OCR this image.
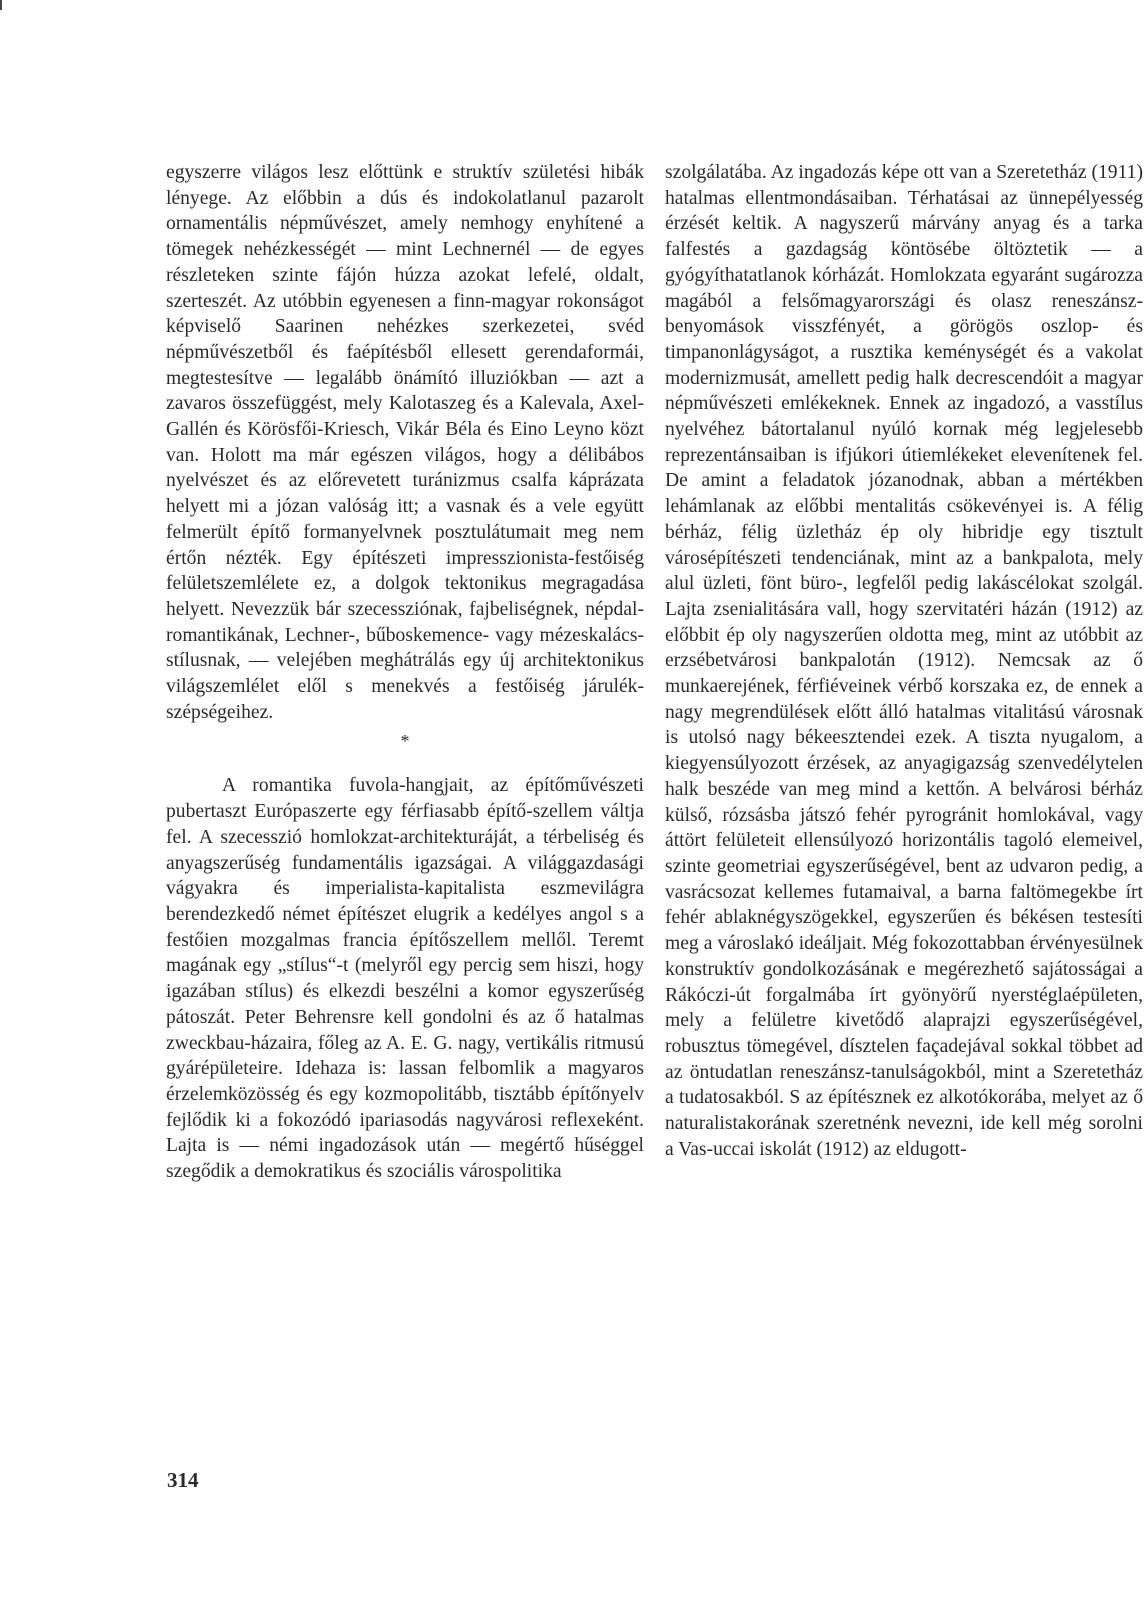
egyszerre világos lesz előttünk e struktív születési hibák lényege. Az előbbin a dús és indokolatlanul pazarolt ornamentális népművészet, amely nemhogy enyhítené a tömegek nehézkességét — mint Lechnernél — de egyes részleteken szinte fájón húzza azokat lefelé, oldalt, szerteszét. Az utóbbin egyenesen a finn-magyar rokonságot képviselő Saarinen nehézkes szerkezetei, svéd népművészetből és faépítésből ellesett gerendaformái, megtestesítve — legalább önámító illuziókban — azt a zavaros összefüggést, mely Kalotaszeg és a Kalevala, Axel-Gallén és Körösfői-Kriesch, Vikár Béla és Eino Leyno közt van. Holott ma már egészen világos, hogy a délibábos nyelvészet és az előrevetett turánizmus csalfa káprázata helyett mi a józan valóság itt; a vasnak és a vele együtt felmerült építő formanyelvnek posztulátumait meg nem értőn nézték. Egy építészeti impresszionista-festőiség felületszemlélete ez, a dolgok tektonikus megragadása helyett. Nevezzük bár szecessziónak, fajbeliségnek, népdal-romantikának, Lechner-, bűboskemence- vagy mézeskalács-stílusnak, — velejében meghátrálás egy új architektonikus világszemlélet elől s menekvés a festőiség járulék-szépségeihez.

*

A romantika fuvola-hangjait, az építőművészeti pubertaszt Európaszerte egy férfiasabb építő-szellem váltja fel. A szecesszió homlokzat-architekturáját, a térbeliség és anyagszerűség fundamentális igazságai. A világgazdasági vágyakra és imperialista-kapitalista eszmevilágra berendezkedő német építészet elugrik a kedélyes angol s a festőien mozgalmas francia építőszellem mellől. Teremt magának egy „stílus“-t (melyről egy percig sem hiszi, hogy igazában stílus) és elkezdi beszélni a komor egyszerűség pátoszát. Peter Behrensre kell gondolni és az ő hatalmas zweckbau-házaira, főleg az A. E. G. nagy, vertikális ritmusú gyárépületeire. Idehaza is: lassan felbomlik a magyaros érzelemközösség és egy kozmopolitább, tisztább építőnyelv fejlődik ki a fokozódó ipariasodás nagyvárosi reflexeként. Lajta is — némi ingadozások után — megértő hűséggel szegődik a demokratikus és szociális várospolitika

szolgálatába. Az ingadozás képe ott van a Szeretetház (1911) hatalmas ellentmondásaiban. Térhatásai az ünnepélyesség érzését keltik. A nagyszerű márvány anyag és a tarka falfestés a gazdagság köntösébe öltöztetik — a gyógyíthatatlanok kórházát. Homlokzata egyaránt sugározza magából a felsőmagyarországi és olasz reneszánsz-benyomások visszfényét, a görögös oszlop- és timpanonlágyságot, a rusztika keménységét és a vakolat modernizmusát, amellett pedig halk decrescendóit a magyar népművészeti emlékeknek. Ennek az ingadozó, a vasstílus nyelvéhez bátortalanul nyúló kornak még legjelesebb reprezentánsaiban is ifjúkori útiemlékeket elevenítenek fel. De amint a feladatok józanodnak, abban a mértékben lehámlanak az előbbi mentalitás csökevényei is. A félig bérház, félig üzletház ép oly hibridje egy tisztult városépítészeti tendenciának, mint az a bankpalota, mely alul üzleti, fönt büro-, legfelől pedig lakáscélokat szolgál. Lajta zsenialitására vall, hogy szervitatéri házán (1912) az előbbit ép oly nagyszerűen oldotta meg, mint az utóbbit az erzsébetvárosi bankpalotán (1912). Nemcsak az ő munkaerejének, férfiéveinek vérbő korszaka ez, de ennek a nagy megrendülések előtt álló hatalmas vitalitású városnak is utolsó nagy békeesztendei ezek. A tiszta nyugalom, a kiegyensúlyozott érzések, az anyagigazság szenvedélytelen halk beszéde van meg mind a kettőn. A belvárosi bérház külső, rózsásba játszó fehér pyrogránit homlokával, vagy áttört felületeit ellensúlyozó horizontális tagoló elemeivel, szinte geometriai egyszerűségével, bent az udvaron pedig, a vasrácsozat kellemes futamaival, a barna faltömegekbe írt fehér ablaknégyszögekkel, egyszerűen és békésen testesíti meg a városlakó ideáljait. Még fokozottabban érvényesülnek konstruktív gondolkozásának e megérezhető sajátosságai a Rákóczi-út forgalmába írt gyönyörű nyerstéglaépületen, mely a felületre kivetődő alaprajzi egyszerűségével, robusztus tömegével, dísztelen façadejával sokkal többet ad az öntudatlan reneszánsz-tanulságokból, mint a Szeretetház a tudatosakból. S az építésznek ez alkotókorába, melyet az ő naturalistakorának szeretnénk nevezni, ide kell még sorolni a Vas-uccai iskolát (1912) az eldugott-

314
